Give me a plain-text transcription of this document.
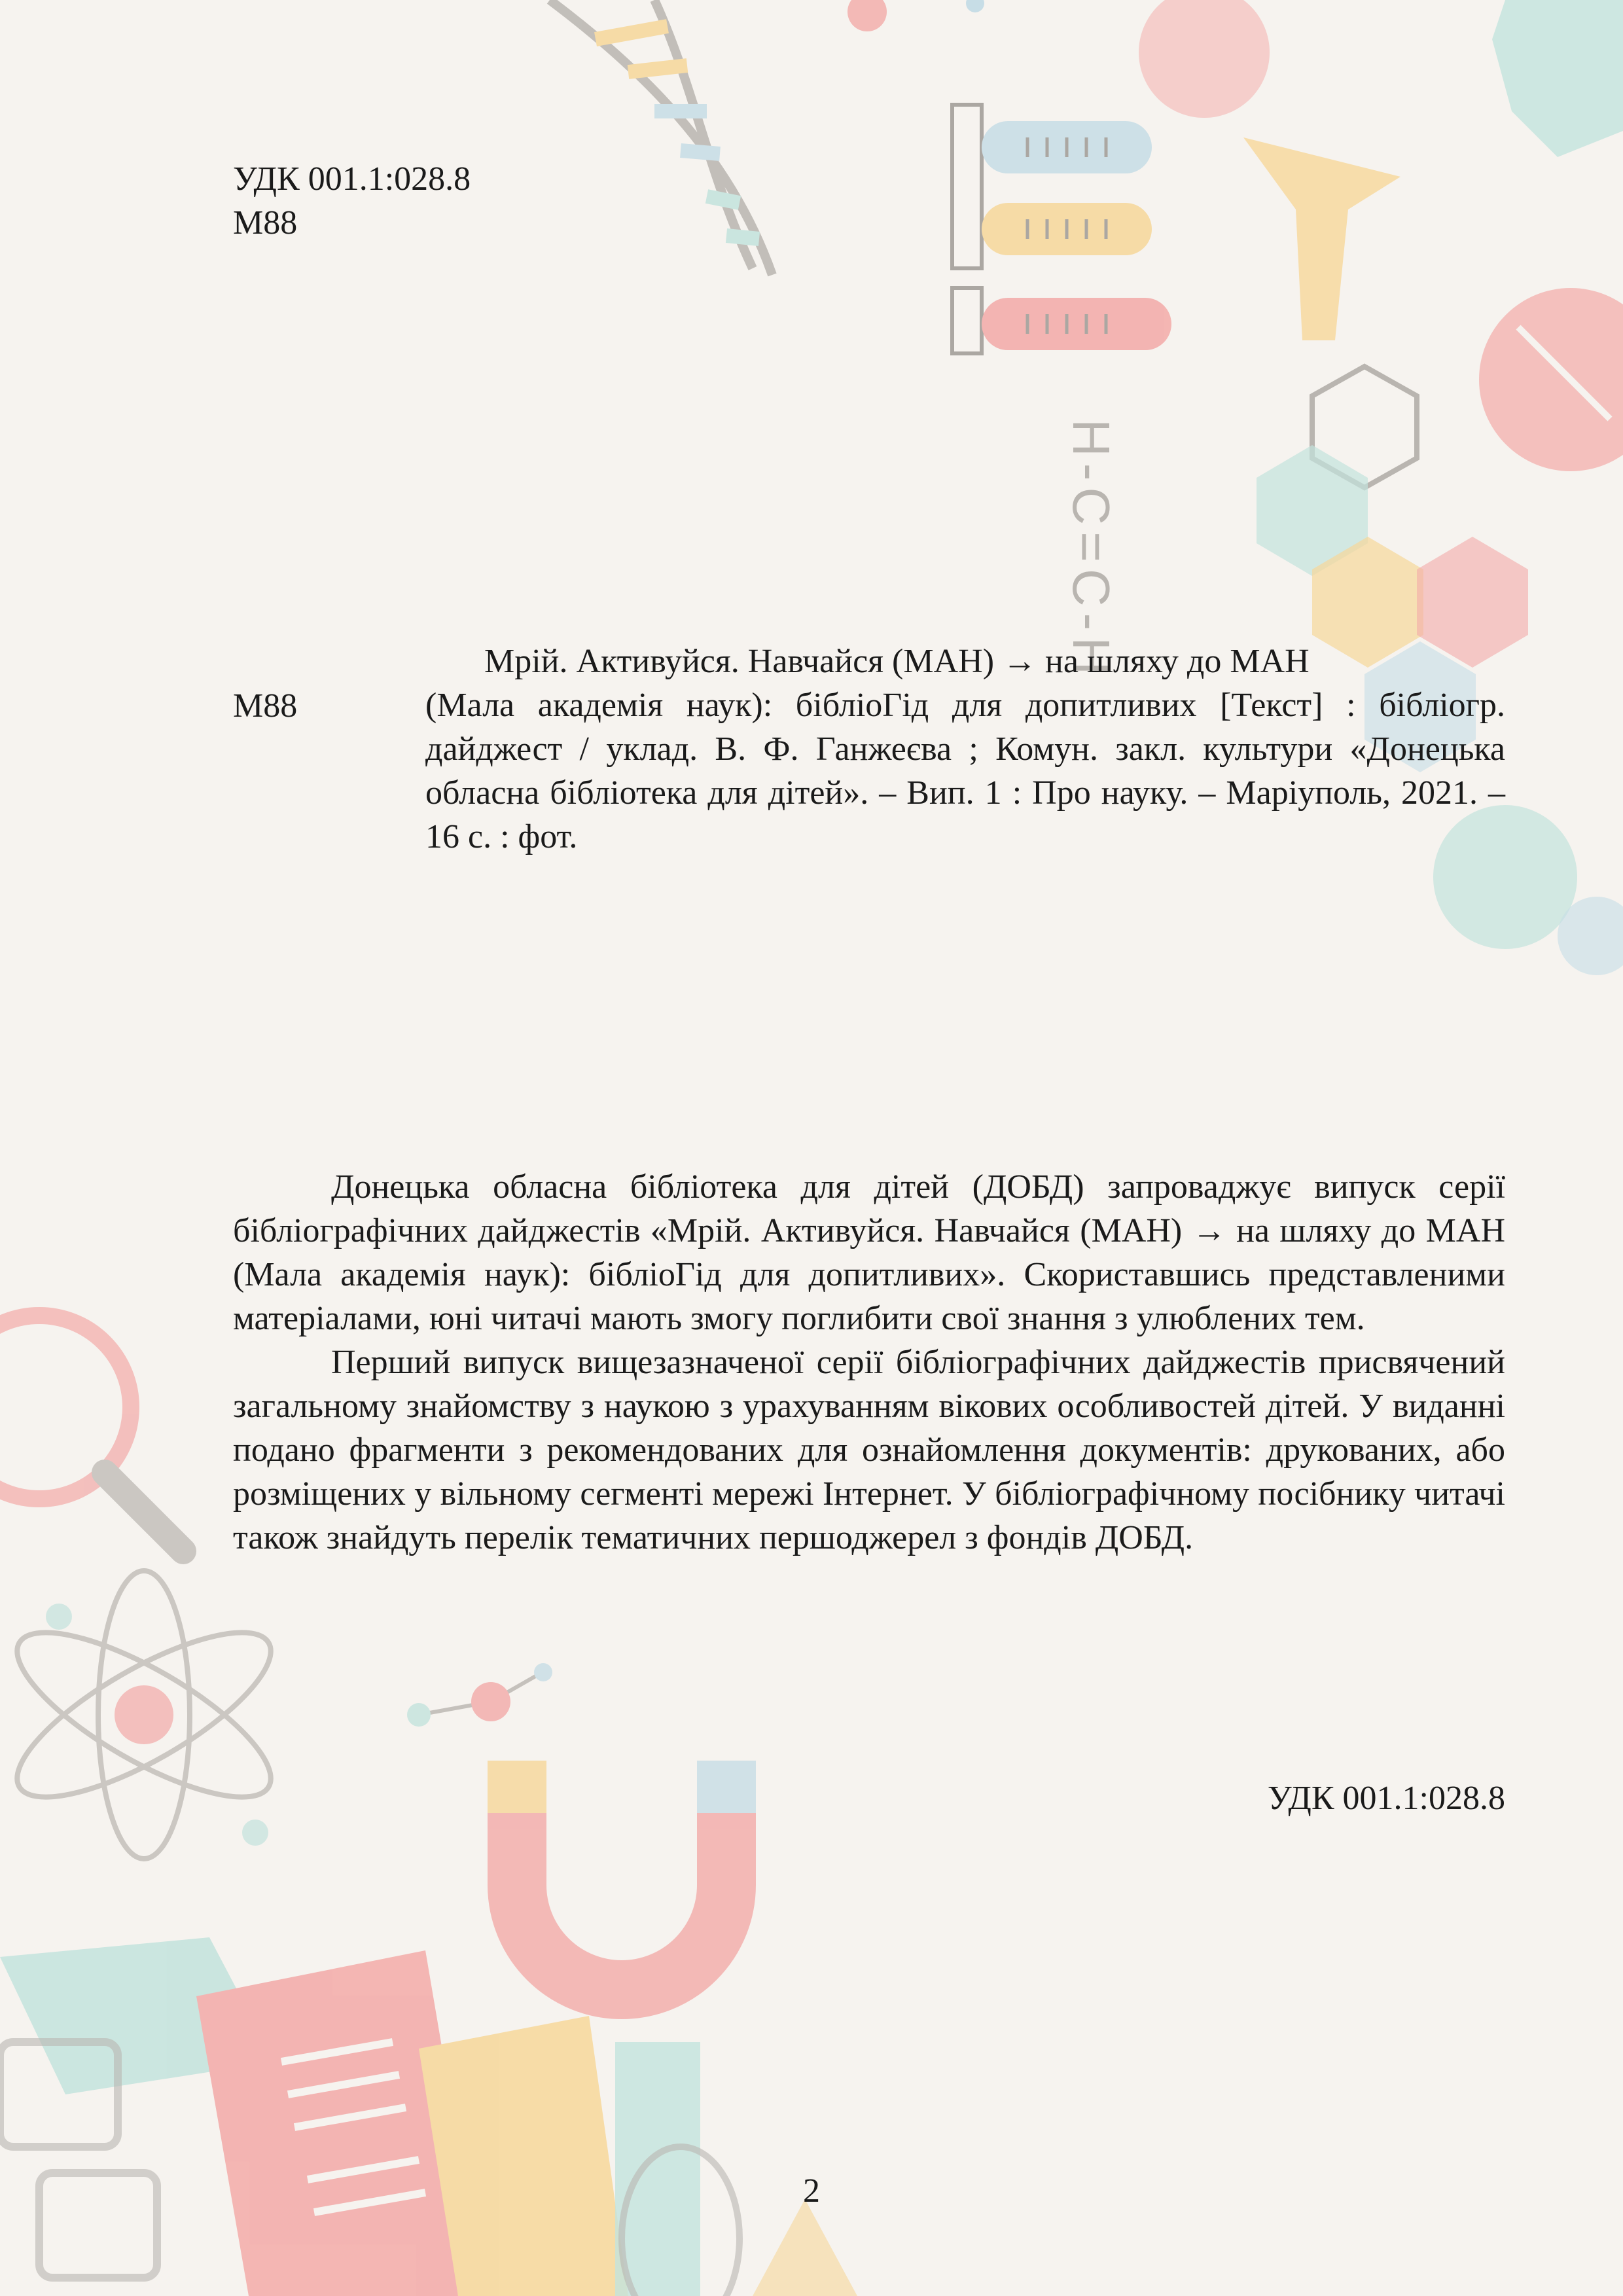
H-C=C-H
УДК 001.1:028.8
М88
М88
Мрій. Активуйся. Навчайся (МАН) → на шляху до МАН
(Мала академія наук): бібліоГід для допитливих [Текст] : бібліогр. дайджест / уклад. В. Ф. Ганжеєва ; Комун. закл. культури «Донецька обласна бібліотека для дітей». – Вип. 1 : Про науку. – Маріуполь, 2021. – 16 с. : фот.

Донецька обласна бібліотека для дітей (ДОБД) запроваджує випуск серії бібліографічних дайджестів «Мрій. Активуйся. Навчайся (МАН) → на шляху до МАН (Мала академія наук): бібліоГід для допитливих». Скориставшись представленими матеріалами, юні читачі мають змогу поглибити свої знання з улюблених тем.

Перший випуск вищезазначеної серії бібліографічних дайджестів присвячений загальному знайомству з наукою з урахуванням вікових особливостей дітей. У виданні подано фрагменти з рекомендованих для ознайомлення документів: друкованих, або розміщених у вільному сегменті мережі Інтернет. У бібліографічному посібнику читачі також знайдуть перелік тематичних першоджерел з фондів ДОБД.

УДК 001.1:028.8
2
